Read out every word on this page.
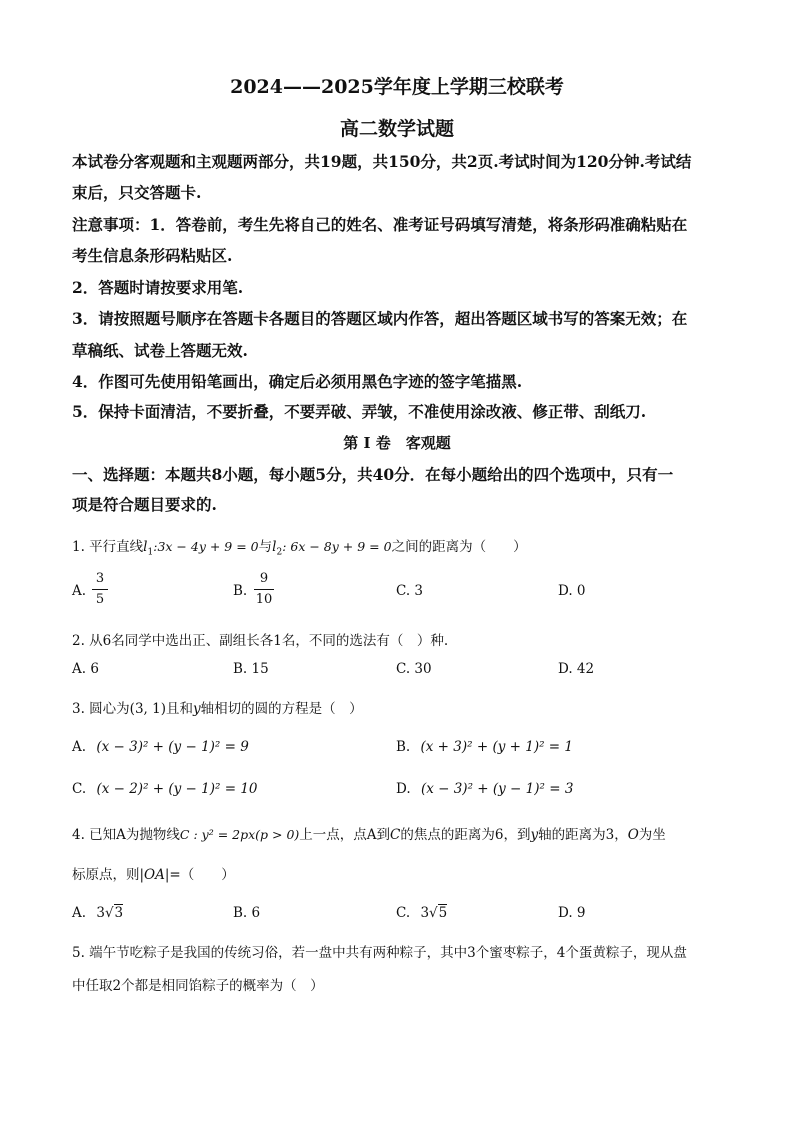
2024——2025学年度上学期三校联考
高二数学试题
本试卷分客观题和主观题两部分，共19题，共150分，共2页.考试时间为120分钟.考试结
束后，只交答题卡.
注意事项：1．答卷前，考生先将自己的姓名、准考证号码填写清楚，将条形码准确粘贴在
考生信息条形码粘贴区.
2．答题时请按要求用笔.
3．请按照题号顺序在答题卡各题目的答题区域内作答，超出答题区域书写的答案无效；在
草稿纸、试卷上答题无效.
4．作图可先使用铅笔画出，确定后必须用黑色字迹的签字笔描黑.
5．保持卡面清洁，不要折叠，不要弄破、弄皱，不准使用涂改液、修正带、刮纸刀.
第 I 卷　客观题
一、选择题：本题共8小题，每小题5分，共40分．在每小题给出的四个选项中，只有一
项是符合题目要求的.
1. 平行直线$l_1:3x - 4y + 9 = 0$与$l_2$: 6x − 8y + 9 = 0之间的距离为（　　）
A.
3
5
B.
9
10
C. 3	D. 0
2. 从6名同学中选出正、副组长各1名，不同的选法有（　）种.
A. 6	B. 15	C. 30	D. 42
3. 圆心为(3, 1)且和y轴相切的圆的方程是（　）
A. (x − 3)² + (y − 1)² = 9	B. (x + 3)² + (y + 1)² = 1
C. (x − 2)² + (y − 1)² = 10	D. (x − 3)² + (y − 1)² = 3
4. 已知A为抛物线C : y² = 2px(p > 0)上一点，点A到C的焦点的距离为6，到y轴的距离为3，O为坐
标原点，则|OA|=（　　）
A. 3√3	B. 6	C. 3√5	D. 9
5. 端午节吃粽子是我国的传统习俗，若一盘中共有两种粽子，其中3个蜜枣粽子，4个蛋黄粽子，现从盘
中任取2个都是相同馅粽子的概率为（　）
